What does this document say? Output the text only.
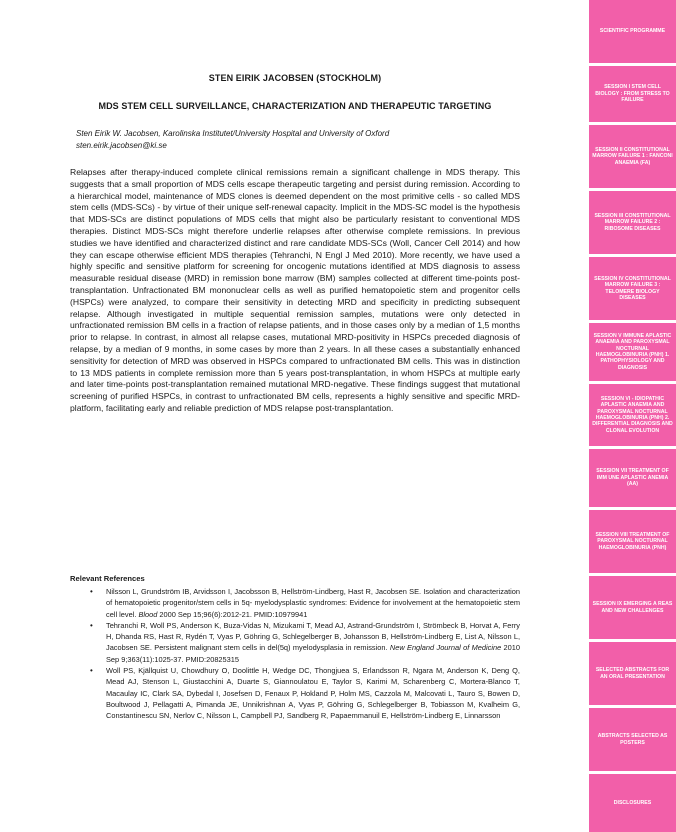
STEN EIRIK JACOBSEN (STOCKHOLM)
MDS STEM CELL SURVEILLANCE, CHARACTERIZATION AND THERAPEUTIC TARGETING
Sten Eirik W. Jacobsen, Karolinska Institutet/University Hospital and University of Oxford
sten.eirik.jacobsen@ki.se

Relapses after therapy-induced complete clinical remissions remain a significant challenge in MDS therapy. This suggests that a small proportion of MDS cells escape therapeutic targeting and persist during remission. According to a hierarchical model, maintenance of MDS clones is deemed dependent on the most primitive cells - so called MDS stem cells (MDS-SCs) - by virtue of their unique self-renewal capacity. Implicit in the MDS-SC model is the hypothesis that MDS-SCs are distinct populations of MDS cells that might also be particularly resistant to conventional MDS therapies. Distinct MDS-SCs might therefore underlie relapses after otherwise complete remissions. In previous studies we have identified and characterized distinct and rare candidate MDS-SCs (Woll, Cancer Cell 2014) and how they can escape otherwise efficient MDS therapies (Tehranchi, N Engl J Med 2010). More recently, we have used a highly specific and sensitive platform for screening for oncogenic mutations identified at MDS diagnosis to assess measurable residual disease (MRD) in remission bone marrow (BM) samples collected at different time-points post-transplantation. Unfractionated BM mononuclear cells as well as purified hematopoietic stem and progenitor cells (HSPCs) were analyzed, to compare their sensitivity in detecting MRD and specificity in predicting subsequent relapse. Although investigated in multiple sequential remission samples, mutations were only detected in unfractionated remission BM cells in a fraction of relapse patients, and in those cases only by a median of 1,5 months prior to relapse. In contrast, in almost all relapse cases, mutational MRD-positivity in HSPCs preceded diagnosis of relapse, by a median of 9 months, in some cases by more than 2 years. In all these cases a substantially enhanced sensitivity for detection of MRD was observed in HSPCs compared to unfractionated BM cells. This was in distinction to 13 MDS patients in complete remission more than 5 years post-transplantation, in whom HSPCs at multiple early and later time-points post-transplantation remained mutational MRD-negative. These findings suggest that mutational screening of purified HSPCs, in contrast to unfractionated BM cells, represents a highly sensitive and specific MRD-platform, facilitating early and reliable prediction of MDS relapse post-transplantation.

Relevant References
• Nilsson L, Grundström IB, Arvidsson I, Jacobsson B, Hellström-Lindberg, Hast R, Jacobsen SE. Isolation and characterization of hematopoietic progenitor/stem cells in 5q- myelodysplastic syndromes: Evidence for involvement at the hematopoietic stem cell level. Blood 2000 Sep 15;96(6):2012-21. PMID:10979941
• Tehranchi R, Woll PS, Anderson K, Buza-Vidas N, Mizukami T, Mead AJ, Astrand-Grundström I, Strömbeck B, Horvat A, Ferry H, Dhanda RS, Hast R, Rydén T, Vyas P, Göhring G, Schlegelberger B, Johansson B, Hellström-Lindberg E, List A, Nilsson L, Jacobsen SE. Persistent malignant stem cells in del(5q) myelodysplasia in remission. New England Journal of Medicine 2010 Sep 9;363(11):1025-37. PMID:20825315
• Woll PS, Kjällquist U, Chowdhury O, Doolittle H, Wedge DC, Thongjuea S, Erlandsson R, Ngara M, Anderson K, Deng Q, Mead AJ, Stenson L, Giustacchini A, Duarte S, Giannoulatou E, Taylor S, Karimi M, Scharenberg C, Mortera-Blanco T, Macaulay IC, Clark SA, Dybedal I, Josefsen D, Fenaux P, Hokland P, Holm MS, Cazzola M, Malcovati L, Tauro S, Bowen D, Boultwood J, Pellagatti A, Pimanda JE, Unnikrishnan A, Vyas P, Göhring G, Schlegelberger B, Tobiasson M, Kvalheim G, Constantinescu SN, Nerlov C, Nilsson L, Campbell PJ, Sandberg R, Papaemmanuil E, Hellström-Lindberg E, Linnarsson
SCIENTIFIC PROGRAMME
SESSION I STEM CELL BIOLOGY : FROM STRESS TO FAILURE
SESSION II CONSTITUTIONAL MARROW FAILURE 1 : FANCONI ANAEMIA (FA)
SESSION III CONSTITUTIONAL MARROW FAILURE 2 : RIBOSOME DISEASES
SESSION IV CONSTITUTIONAL MARROW FAILURE 3 : TELOMERE BIOLOGY DISEASES
SESSION V IMMUNE APLASTIC ANAEMIA AND PAROXYSMAL NOCTURNAL HAEMOGLOBINURIA (PNH) 1. PATHOPHYSIOLOGY AND DIAGNOSIS
SESSION VI - IDIOPATHIC APLASTIC ANAEMIA AND PAROXYSMAL NOCTURNAL HAEMOGLOBINURIA (PNH) 2. DIFFERENTIAL DIAGNOSIS AND CLONAL EVOLUTION
SESSION VII TREATMENT OF IMM UNE APLASTIC ANEMIA (AA)
SESSION VIII TREATMENT OF PAROXYSMAL NOCTURNAL HAEMOGLOBINURIA (PNH)
SESSION IX EMERGING A REAS AND NEW CHALLENGES
SELECTED ABSTRACTS FOR AN ORAL PRESENTATION
ABSTRACTS SELECTED AS POSTERS
DISCLOSURES
